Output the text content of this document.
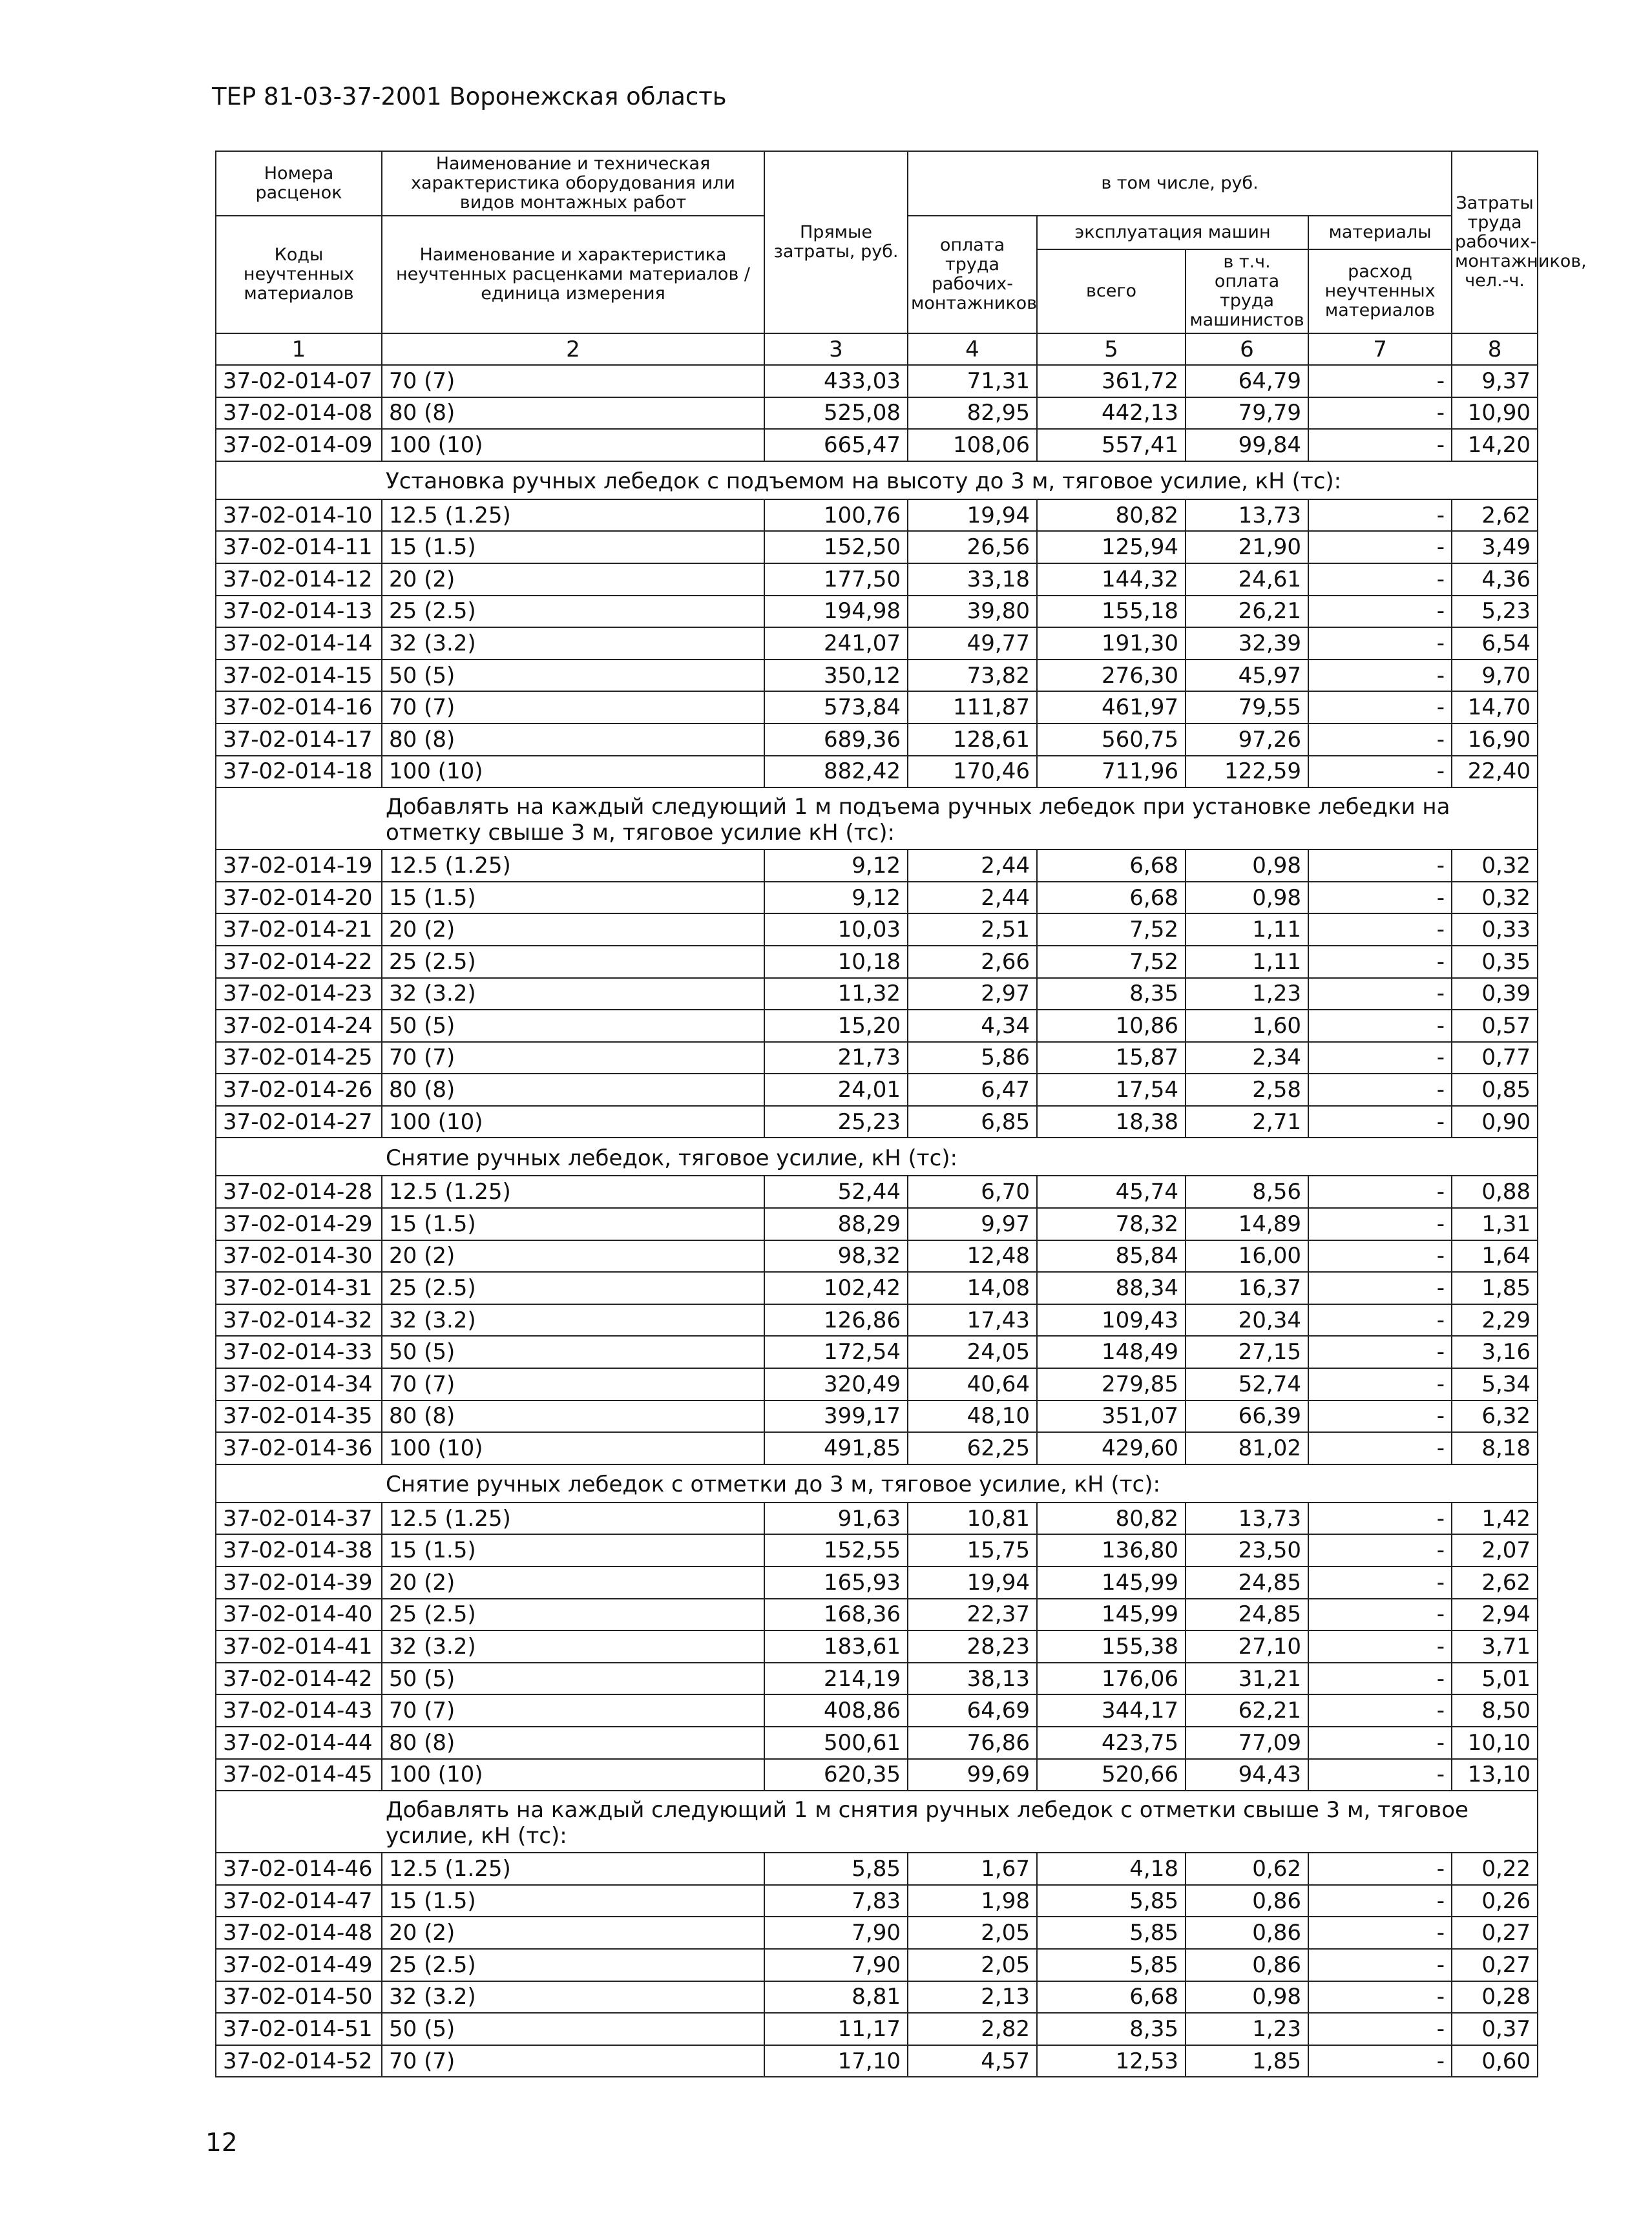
ТЕР 81-03-37-2001 Воронежская область
Номера расценок	Наименование и техническая характеристика оборудования или видов монтажных работ	Прямые затраты, руб.	в том числе, руб.				Затраты труда рабочих-монтажников, чел.-ч.
Коды неучтенных материалов	Наименование и характеристика неучтенных расценками материалов / единица измерения		оплата труда рабочих-монтажников	эксплуатация машин		материалы	
				всего	в т.ч. оплата труда машинистов	расход неучтенных материалов	
1	2	3	4	5	6	7	8
37-02-014-07	70 (7)	433,03	71,31	361,72	64,79	-	9,37
37-02-014-08	80 (8)	525,08	82,95	442,13	79,79	-	10,90
37-02-014-09	100 (10)	665,47	108,06	557,41	99,84	-	14,20
Установка ручных лебедок с подъемом на высоту до 3 м, тяговое усилие, кН (тс):							
37-02-014-10	12.5 (1.25)	100,76	19,94	80,82	13,73	-	2,62
37-02-014-11	15 (1.5)	152,50	26,56	125,94	21,90	-	3,49
37-02-014-12	20 (2)	177,50	33,18	144,32	24,61	-	4,36
37-02-014-13	25 (2.5)	194,98	39,80	155,18	26,21	-	5,23
37-02-014-14	32 (3.2)	241,07	49,77	191,30	32,39	-	6,54
37-02-014-15	50 (5)	350,12	73,82	276,30	45,97	-	9,70
37-02-014-16	70 (7)	573,84	111,87	461,97	79,55	-	14,70
37-02-014-17	80 (8)	689,36	128,61	560,75	97,26	-	16,90
37-02-014-18	100 (10)	882,42	170,46	711,96	122,59	-	22,40
Добавлять на каждый следующий 1 м подъема ручных лебедок при установке лебедки на отметку свыше 3 м, тяговое усилие кН (тс):							
37-02-014-19	12.5 (1.25)	9,12	2,44	6,68	0,98	-	0,32
37-02-014-20	15 (1.5)	9,12	2,44	6,68	0,98	-	0,32
37-02-014-21	20 (2)	10,03	2,51	7,52	1,11	-	0,33
37-02-014-22	25 (2.5)	10,18	2,66	7,52	1,11	-	0,35
37-02-014-23	32 (3.2)	11,32	2,97	8,35	1,23	-	0,39
37-02-014-24	50 (5)	15,20	4,34	10,86	1,60	-	0,57
37-02-014-25	70 (7)	21,73	5,86	15,87	2,34	-	0,77
37-02-014-26	80 (8)	24,01	6,47	17,54	2,58	-	0,85
37-02-014-27	100 (10)	25,23	6,85	18,38	2,71	-	0,90
Снятие ручных лебедок, тяговое усилие, кН (тс):							
37-02-014-28	12.5 (1.25)	52,44	6,70	45,74	8,56	-	0,88
37-02-014-29	15 (1.5)	88,29	9,97	78,32	14,89	-	1,31
37-02-014-30	20 (2)	98,32	12,48	85,84	16,00	-	1,64
37-02-014-31	25 (2.5)	102,42	14,08	88,34	16,37	-	1,85
37-02-014-32	32 (3.2)	126,86	17,43	109,43	20,34	-	2,29
37-02-014-33	50 (5)	172,54	24,05	148,49	27,15	-	3,16
37-02-014-34	70 (7)	320,49	40,64	279,85	52,74	-	5,34
37-02-014-35	80 (8)	399,17	48,10	351,07	66,39	-	6,32
37-02-014-36	100 (10)	491,85	62,25	429,60	81,02	-	8,18
Снятие ручных лебедок с отметки до 3 м, тяговое усилие, кН (тс):							
37-02-014-37	12.5 (1.25)	91,63	10,81	80,82	13,73	-	1,42
37-02-014-38	15 (1.5)	152,55	15,75	136,80	23,50	-	2,07
37-02-014-39	20 (2)	165,93	19,94	145,99	24,85	-	2,62
37-02-014-40	25 (2.5)	168,36	22,37	145,99	24,85	-	2,94
37-02-014-41	32 (3.2)	183,61	28,23	155,38	27,10	-	3,71
37-02-014-42	50 (5)	214,19	38,13	176,06	31,21	-	5,01
37-02-014-43	70 (7)	408,86	64,69	344,17	62,21	-	8,50
37-02-014-44	80 (8)	500,61	76,86	423,75	77,09	-	10,10
37-02-014-45	100 (10)	620,35	99,69	520,66	94,43	-	13,10
Добавлять на каждый следующий 1 м снятия ручных лебедок с отметки свыше 3 м, тяговое усилие, кН (тс):							
37-02-014-46	12.5 (1.25)	5,85	1,67	4,18	0,62	-	0,22
37-02-014-47	15 (1.5)	7,83	1,98	5,85	0,86	-	0,26
37-02-014-48	20 (2)	7,90	2,05	5,85	0,86	-	0,27
37-02-014-49	25 (2.5)	7,90	2,05	5,85	0,86	-	0,27
37-02-014-50	32 (3.2)	8,81	2,13	6,68	0,98	-	0,28
37-02-014-51	50 (5)	11,17	2,82	8,35	1,23	-	0,37
37-02-014-52	70 (7)	17,10	4,57	12,53	1,85	-	0,60
12
